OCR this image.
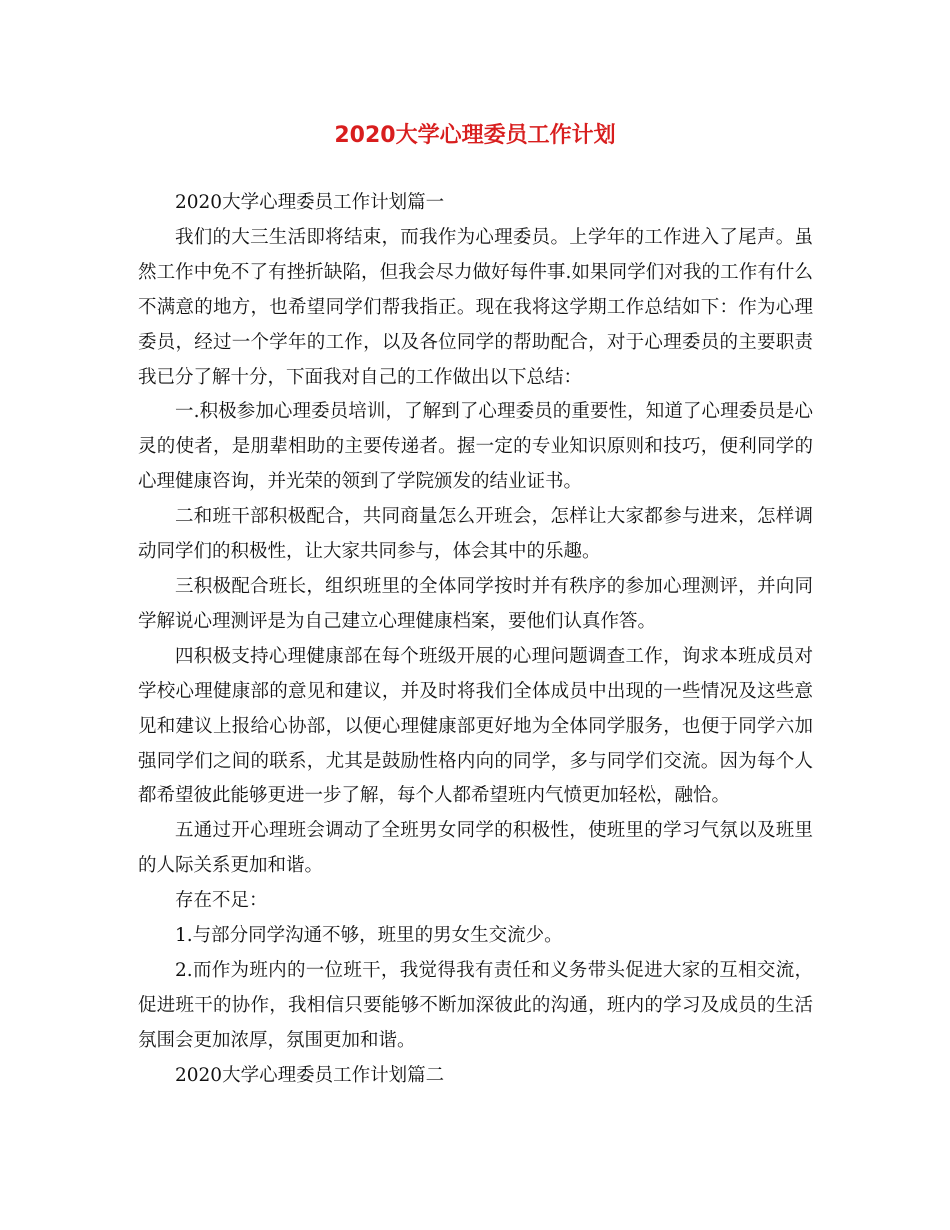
2020大学心理委员工作计划

2020大学心理委员工作计划篇一

我们的大三生活即将结束，而我作为心理委员。上学年的工作进入了尾声。虽然工作中免不了有挫折缺陷，但我会尽力做好每件事.如果同学们对我的工作有什么不满意的地方，也希望同学们帮我指正。现在我将这学期工作总结如下：作为心理委员，经过一个学年的工作，以及各位同学的帮助配合，对于心理委员的主要职责我已分了解十分，下面我对自己的工作做出以下总结：

一.积极参加心理委员培训，了解到了心理委员的重要性，知道了心理委员是心灵的使者，是朋辈相助的主要传递者。握一定的专业知识原则和技巧，便利同学的心理健康咨询，并光荣的领到了学院颁发的结业证书。

二和班干部积极配合，共同商量怎么开班会，怎样让大家都参与进来，怎样调动同学们的积极性，让大家共同参与，体会其中的乐趣。

三积极配合班长，组织班里的全体同学按时并有秩序的参加心理测评，并向同学解说心理测评是为自己建立心理健康档案，要他们认真作答。

四积极支持心理健康部在每个班级开展的心理问题调查工作，询求本班成员对学校心理健康部的意见和建议，并及时将我们全体成员中出现的一些情况及这些意见和建议上报给心协部，以便心理健康部更好地为全体同学服务，也便于同学六加强同学们之间的联系，尤其是鼓励性格内向的同学，多与同学们交流。因为每个人都希望彼此能够更进一步了解，每个人都希望班内气愤更加轻松，融恰。

五通过开心理班会调动了全班男女同学的积极性，使班里的学习气氛以及班里的人际关系更加和谐。

存在不足：

1.与部分同学沟通不够，班里的男女生交流少。

2.而作为班内的一位班干，我觉得我有责任和义务带头促进大家的互相交流，促进班干的协作，我相信只要能够不断加深彼此的沟通，班内的学习及成员的生活氛围会更加浓厚，氛围更加和谐。

2020大学心理委员工作计划篇二
